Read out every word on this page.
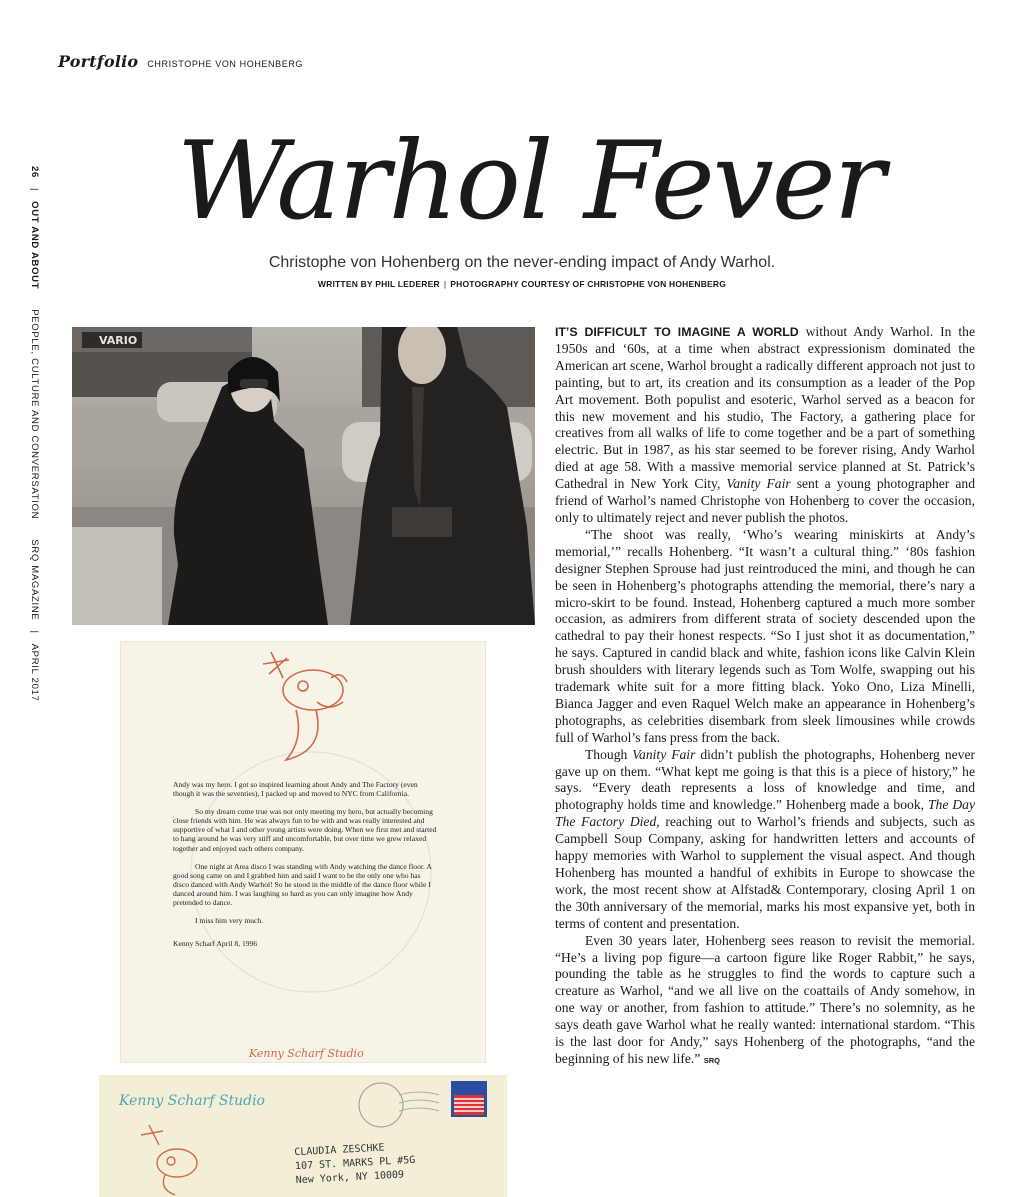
Portfolio CHRISTOPHE VON HOHENBERG
26|OUT AND ABOUTPEOPLE, CULTURE AND CONVERSATIONSRQ MAGAZINE|APRIL 2017
Warhol Fever
Christophe von Hohenberg on the never-ending impact of Andy Warhol.
WRITTEN BY PHIL LEDERER | PHOTOGRAPHY COURTESY OF CHRISTOPHE VON HOHENBERG
VARIO

Andy was my hero. I got so inspired learning about Andy and The Factory (even though it was the seventies), I packed up and moved to NYC from California.

So my dream come true was not only meeting my hero, but actually becoming close friends with him. He was always fun to be with and was really interested and supportive of what I and other young artists were doing. When we first met and started to hang around he was very stiff and uncomfortable, but over time we grew relaxed together and enjoyed each others company.

One night at Area disco I was standing with Andy watching the dance floor. A good song came on and I grabbed him and said I want to be the only one who has disco danced with Andy Warhol! So he stood in the middle of the dance floor while I danced around him. I was laughing so hard as you can only imagine how Andy pretended to dance.

I miss him very much.

Kenny Scharf April 8, 1996

Kenny Scharf Studio
Kenny Scharf Studio
CLAUDIA ZESCHKE
107 ST. MARKS PL #5G
New York, NY 10009

IT’S DIFFICULT TO IMAGINE A WORLD without Andy Warhol. In the 1950s and ‘60s, at a time when abstract expressionism dominated the American art scene, Warhol brought a radically different approach not just to painting, but to art, its creation and its consumption as a leader of the Pop Art movement. Both populist and esoteric, Warhol served as a beacon for this new movement and his studio, The Factory, a gathering place for creatives from all walks of life to come together and be a part of something electric. But in 1987, as his star seemed to be forever rising, Andy Warhol died at age 58. With a massive memorial service planned at St. Patrick’s Cathedral in New York City, Vanity Fair sent a young photographer and friend of Warhol’s named Christophe von Hohenberg to cover the occasion, only to ultimately reject and never publish the photos.

“The shoot was really, ‘Who’s wearing miniskirts at Andy’s memorial,’” recalls Hohenberg. “It wasn’t a cultural thing.” ‘80s fashion designer Stephen Sprouse had just reintroduced the mini, and though he can be seen in Hohenberg’s photographs attending the memorial, there’s nary a micro-skirt to be found. Instead, Hohenberg captured a much more somber occasion, as admirers from different strata of society descended upon the cathedral to pay their honest respects. “So I just shot it as documentation,” he says. Captured in candid black and white, fashion icons like Calvin Klein brush shoulders with literary legends such as Tom Wolfe, swapping out his trademark white suit for a more fitting black. Yoko Ono, Liza Minelli, Bianca Jagger and even Raquel Welch make an appearance in Hohenberg’s photographs, as celebrities disembark from sleek limousines while crowds full of Warhol’s fans press from the back.

Though Vanity Fair didn’t publish the photographs, Hohenberg never gave up on them. “What kept me going is that this is a piece of history,” he says. “Every death represents a loss of knowledge and time, and photography holds time and knowledge.” Hohenberg made a book, The Day The Factory Died, reaching out to Warhol’s friends and subjects, such as Campbell Soup Company, asking for handwritten letters and accounts of happy memories with Warhol to supplement the visual aspect. And though Hohenberg has mounted a handful of exhibits in Europe to showcase the work, the most recent show at Alfstad& Contemporary, closing April 1 on the 30th anniversary of the memorial, marks his most expansive yet, both in terms of content and presentation.

Even 30 years later, Hohenberg sees reason to revisit the memorial. “He’s a living pop figure—a cartoon figure like Roger Rabbit,” he says, pounding the table as he struggles to find the words to capture such a creature as Warhol, “and we all live on the coattails of Andy somehow, in one way or another, from fashion to attitude.” There’s no solemnity, as he says death gave Warhol what he really wanted: international stardom. “This is the last door for Andy,” says Hohenberg of the photographs, “and the beginning of his new life.” SRQ
